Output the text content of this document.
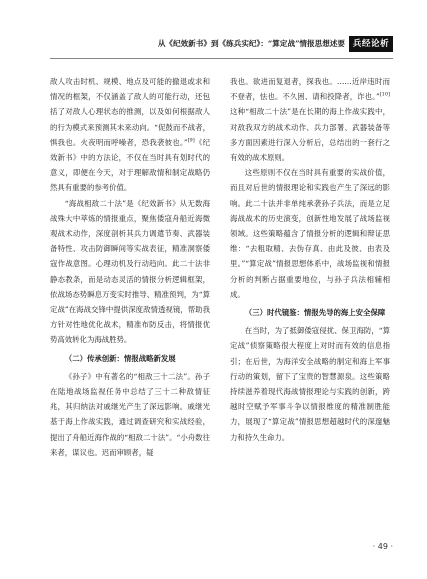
从《纪效新书》到《练兵实纪》：“算定战”情报思想述要 兵经论析

敌人攻击时机、规模、地点及可能的撤退或求和情况的框架，不仅涵盖了敌人的可能行动，还包括了对敌人心理状态的推测，以及如何根据敌人的行为模式来预测其未来动向。“促鼓而不战者，惧我也。火夜明而呼噪者，恐我袭彼也。”[9]《纪效新书》中的方法论，不仅在当时具有划时代的意义，即便在今天，对于理解敌情和制定战略仍然具有重要的参考价值。

“海战相敌二十法”是《纪效新书》从无数海战殊大中萃炼的情报重点，聚焦倭寇舟船近海微观战术动作，深度剖析其兵力调遣节奏、武器装备特性、攻击防御瞬间等实战表征，精准洞察倭寇作战意图。心理动机及行动趋向。此二十法非静态教条，而是动态灵活的情报分析逻辑框架，依战场态势瞬息万变实时推导、精准预判，为“算定战”在海战交锋中提供深度敌情透视镜，帮助我方针对性地优化战术，精准布防反击，将情报优势高效转化为海战胜势。

（二）传承创新：情报战略新发展

《孙子》中有著名的“相敌三十二法”。孙子在陆地战场监视任务中总结了三十二种敌情征兆，其归纳法对戚继光产生了深远影响。戚继光基于海上作战实践，通过调查研究和实战经验，提出了舟船近海作战的“相敌二十法”。“小舟数往来者，谋议也。迟而审顾者，疑

我也。欲进而复退者，探我也。……近岸违时而不登者，怯也。不久困、请和投降者，诈也。”[10]这种“相敌二十法”是在长期的海上作战实践中，对敌我双方的战术动作、兵力部署、武器装备等多方面因素进行深入分析后，总结出的一套行之有效的战术原则。

这些原则不仅在当时具有重要的实战价值，而且对后世的情报理论和实践也产生了深远的影响。此二十法并非单纯承袭孙子兵法，而是立足海战战术的历史演变，创新性地发展了战场监视领域。这些策略蕴含了情报分析的逻辑和辩证思维：“去粗取精、去伪存真、由此及彼、由表及里。”“算定战”情报思想体系中，战场监视和情报分析的判断占据重要地位，与孙子兵法相辅相成。

（三）时代镜鉴：情报先导的海上安全保障

在当时，为了抵御倭寇侵扰、保卫海防，“算定战”侦察策略很大程度上对时而有效的信息指引；在后世，为海洋安全战略的制定和海上军事行动的策划，留下了宝贵的智慧源泉。这些策略持续滋养着现代海战情报理论与实践的创新，跨越时空赋予军事斗争以情报维度的精准制胜能力，展现了“算定战”情报思想超越时代的深邃魅力和持久生命力。

· 49 ·
